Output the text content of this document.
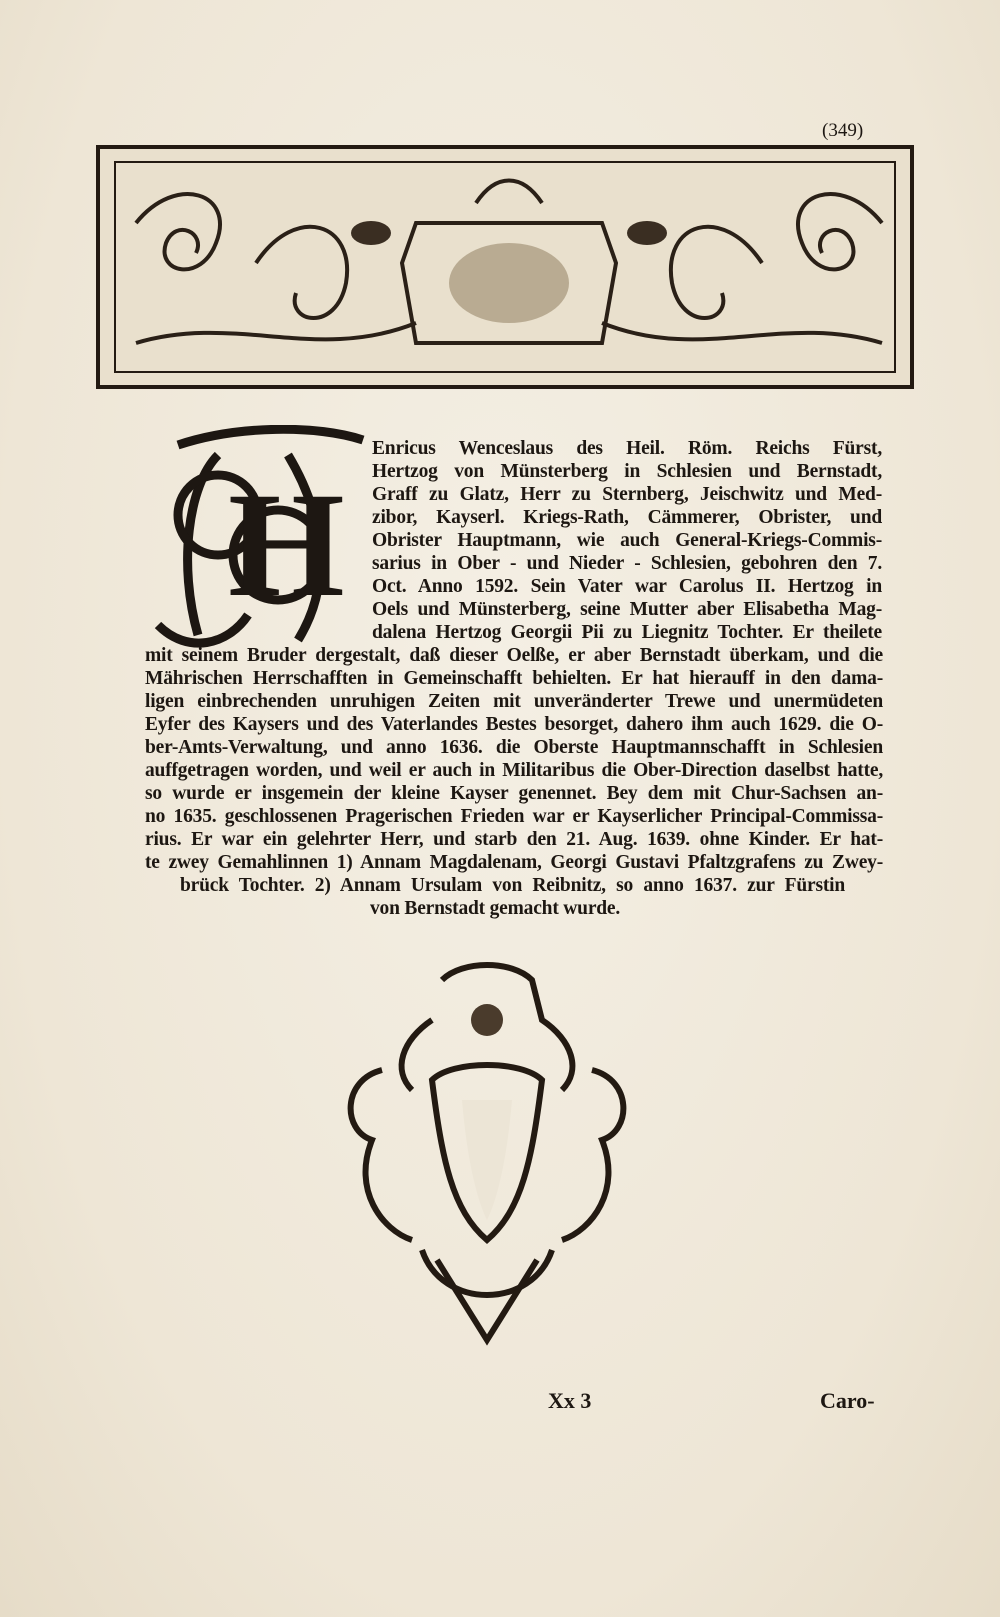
(349)
H
Enricus Wenceslaus des Heil. Röm. Reichs Fürst,
Hertzog von Münsterberg in Schlesien und Bernstadt,
Graff zu Glatz, Herr zu Sternberg, Jeischwitz und Med-
zibor, Kayserl. Kriegs-Rath, Cämmerer, Obrister, und
Obrister Hauptmann, wie auch General-Kriegs-Commis-
sarius in Ober - und Nieder - Schlesien, gebohren den 7.
Oct. Anno 1592. Sein Vater war Carolus II. Hertzog in
Oels und Münsterberg, seine Mutter aber Elisabetha Mag-
dalena Hertzog Georgii Pii zu Liegnitz Tochter. Er theilete
mit seinem Bruder dergestalt, daß dieser Oelße, er aber Bernstadt überkam, und die
Mährischen Herrschafften in Gemeinschafft behielten. Er hat hierauff in den dama-
ligen einbrechenden unruhigen Zeiten mit unveränderter Trewe und unermüdeten
Eyfer des Kaysers und des Vaterlandes Bestes besorget, dahero ihm auch 1629. die O-
ber-Amts-Verwaltung, und anno 1636. die Oberste Hauptmannschafft in Schlesien
auffgetragen worden, und weil er auch in Militaribus die Ober-Direction daselbst hatte,
so wurde er insgemein der kleine Kayser genennet. Bey dem mit Chur-Sachsen an-
no 1635. geschlossenen Pragerischen Frieden war er Kayserlicher Principal-Commissa-
rius. Er war ein gelehrter Herr, und starb den 21. Aug. 1639. ohne Kinder. Er hat-
te zwey Gemahlinnen 1) Annam Magdalenam, Georgi Gustavi Pfaltzgrafens zu Zwey-
brück Tochter. 2) Annam Ursulam von Reibnitz, so anno 1637. zur Fürstin
von Bernstadt gemacht wurde.
Xx 3	Caro-
